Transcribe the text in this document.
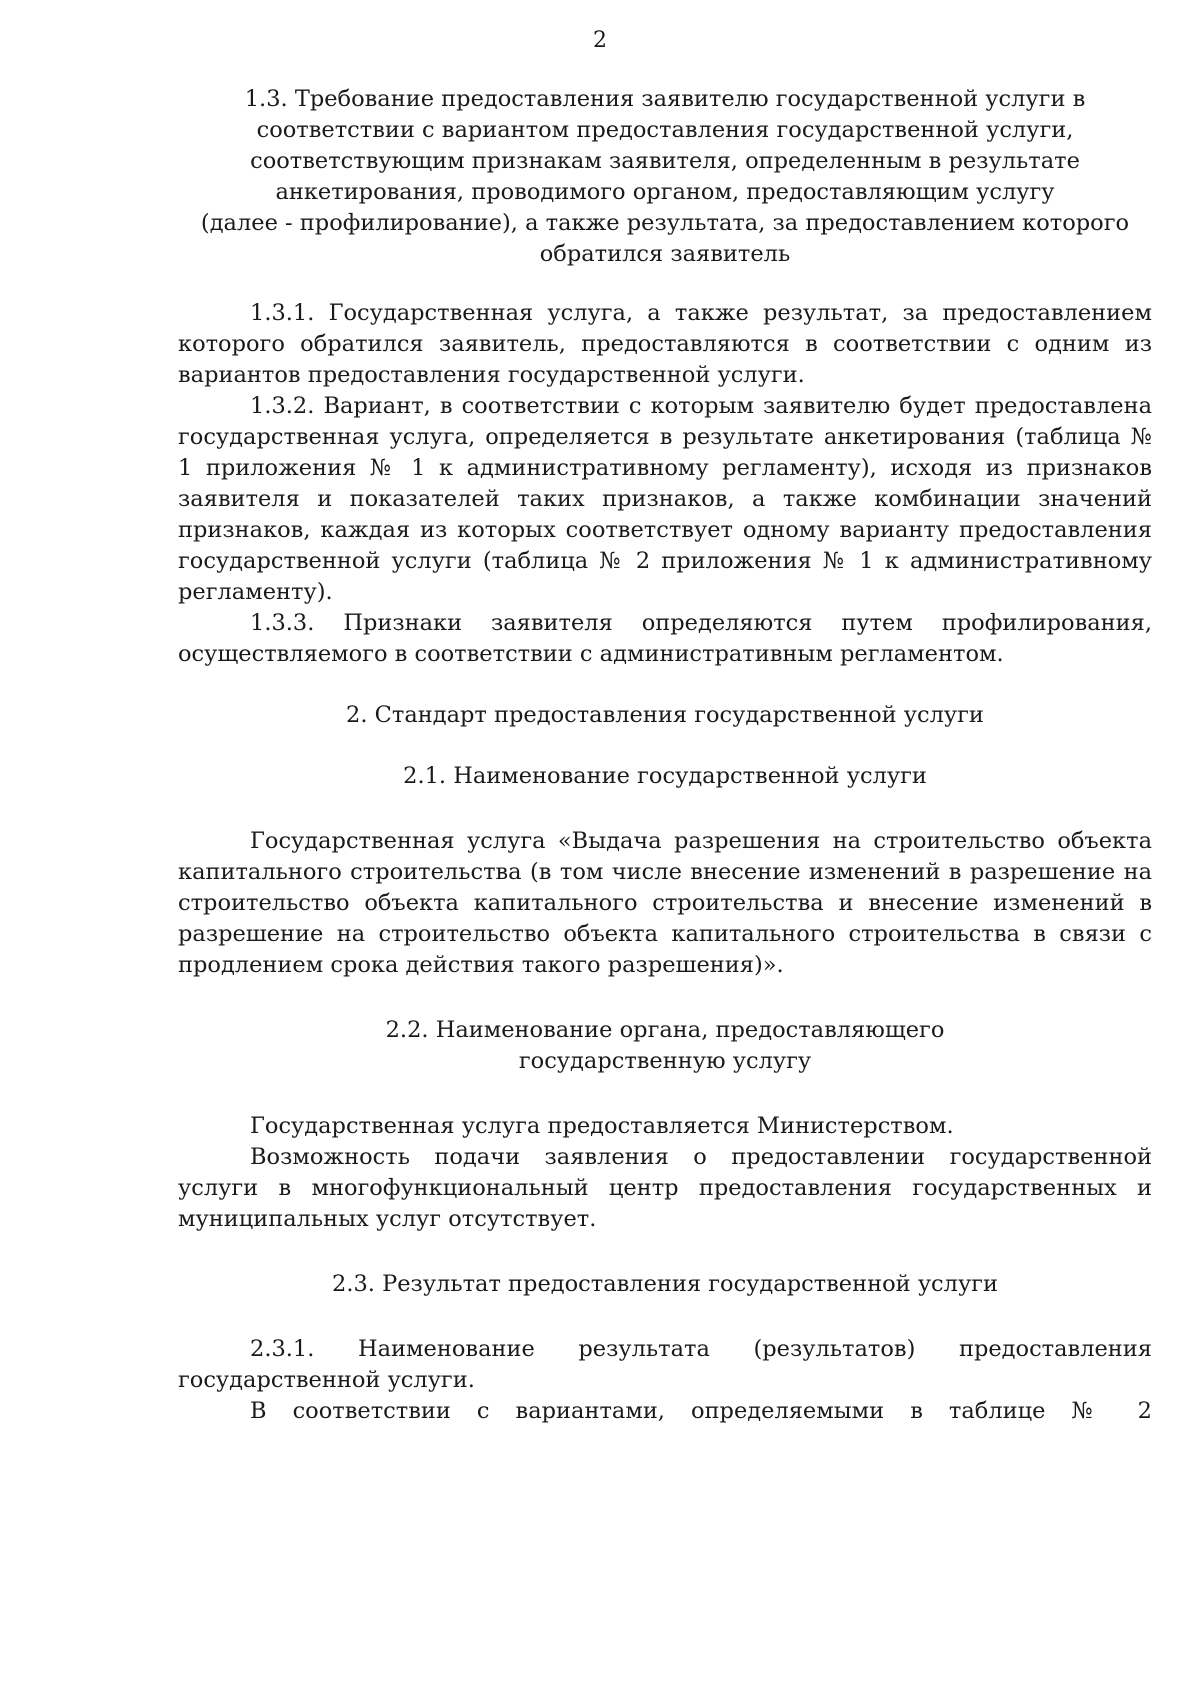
2
1.3. Требование предоставления заявителю государственной услуги в
соответствии с вариантом предоставления государственной услуги,
соответствующим признакам заявителя, определенным в результате
анкетирования, проводимого органом, предоставляющим услугу
(далее - профилирование), а также результата, за предоставлением которого
обратился заявитель

1.3.1. Государственная услуга, а также результат, за предоставлением которого обратился заявитель, предоставляются в соответствии с одним из вариантов предоставления государственной услуги.

1.3.2. Вариант, в соответствии с которым заявителю будет предоставлена государственная услуга, определяется в результате анкетирования (таблица № 1 приложения № 1 к административному регламенту), исходя из признаков заявителя и показателей таких признаков, а также комбинации значений признаков, каждая из которых соответствует одному варианту предоставления государственной услуги (таблица № 2 приложения № 1 к административному регламенту).

1.3.3. Признаки заявителя определяются путем профилирования, осуществляемого в соответствии с административным регламентом.

2. Стандарт предоставления государственной услуги

2.1. Наименование государственной услуги

Государственная услуга «Выдача разрешения на строительство объекта капитального строительства (в том числе внесение изменений в разрешение на строительство объекта капитального строительства и внесение изменений в разрешение на строительство объекта капитального строительства в связи с продлением срока действия такого разрешения)».

2.2. Наименование органа, предоставляющего
государственную услугу

Государственная услуга предоставляется Министерством.

Возможность подачи заявления о предоставлении государственной услуги в многофункциональный центр предоставления государственных и муниципальных услуг отсутствует.

2.3. Результат предоставления государственной услуги

2.3.1. Наименование результата (результатов) предоставления государственной услуги.

В соответствии с вариантами, определяемыми в таблице № 2
